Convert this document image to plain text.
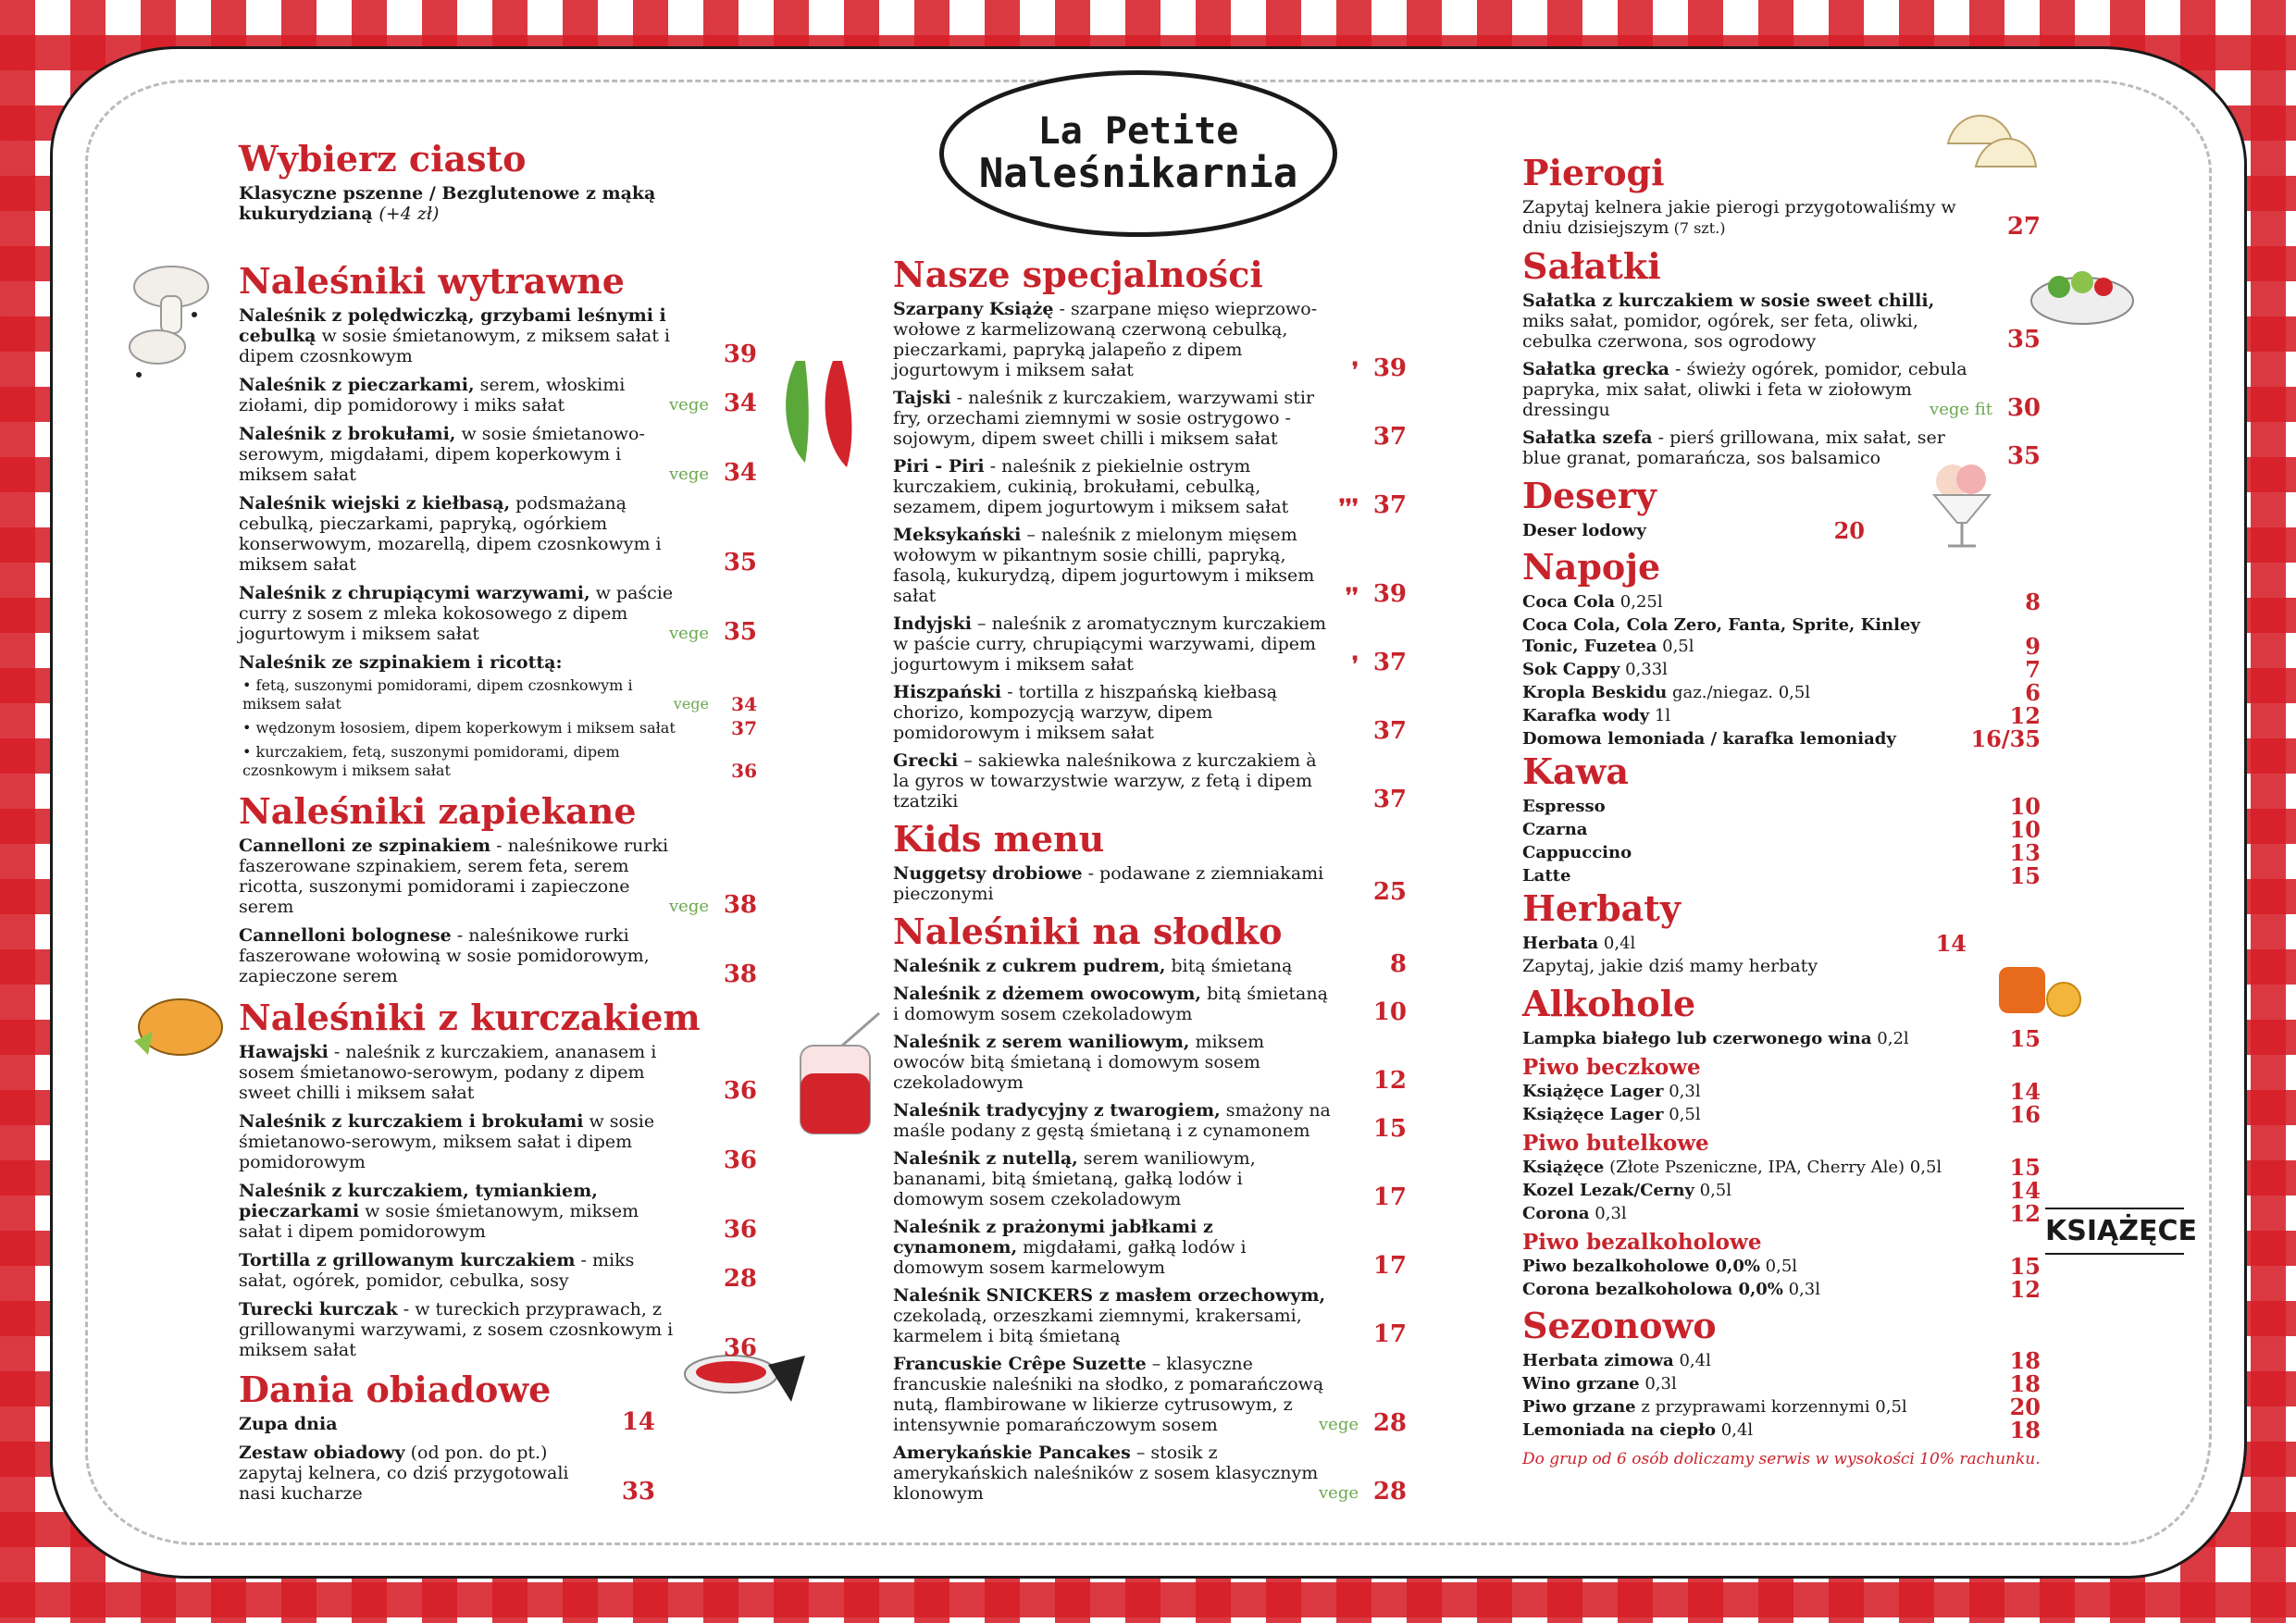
La Petite
Naleśnikarnia
KSIĄŻĘCE
Wybierz ciasto
Klasyczne pszenne / Bezglutenowe z mąką kukurydzianą (+4 zł)
Naleśniki wytrawne
Naleśnik z polędwiczką, grzybami leśnymi i cebulką w sosie śmietanowym, z miksem sałat i dipem czosnkowym	39
Naleśnik z pieczarkami, serem, włoskimi ziołami, dip pomidorowy i miks sałat	vege 34
Naleśnik z brokułami, w sosie śmietanowo-serowym, migdałami, dipem koperkowym i miksem sałat	vege 34
Naleśnik wiejski z kiełbasą, podsmażaną cebulką, pieczarkami, papryką, ogórkiem konserwowym, mozarellą, dipem czosnkowym i miksem sałat	35
Naleśnik z chrupiącymi warzywami, w paście curry z sosem z mleka kokosowego z dipem jogurtowym i miksem sałat	vege 35
Naleśnik ze szpinakiem i ricottą:
• fetą, suszonymi pomidorami, dipem czosnkowym i miksem sałat	vege 34
• wędzonym łososiem, dipem koperkowym i miksem sałat	37
• kurczakiem, fetą, suszonymi pomidorami, dipem czosnkowym i miksem sałat	36
Naleśniki zapiekane
Cannelloni ze szpinakiem - naleśnikowe rurki faszerowane szpinakiem, serem feta, serem ricotta, suszonymi pomidorami i zapieczone serem	vege 38
Cannelloni bolognese - naleśnikowe rurki faszerowane wołowiną w sosie pomidorowym, zapieczone serem	38
Naleśniki z kurczakiem
Hawajski - naleśnik z kurczakiem, ananasem i sosem śmietanowo-serowym, podany z dipem sweet chilli i miksem sałat	36
Naleśnik z kurczakiem i brokułami w sosie śmietanowo-serowym, miksem sałat i dipem pomidorowym	36
Naleśnik z kurczakiem, tymiankiem, pieczarkami w sosie śmietanowym, miksem sałat i dipem pomidorowym	36
Tortilla z grillowanym kurczakiem - miks sałat, ogórek, pomidor, cebulka, sosy	28
Turecki kurczak - w tureckich przyprawach, z grillowanymi warzywami, z sosem czosnkowym i miksem sałat	36
Dania obiadowe
Zupa dnia	14
Zestaw obiadowy (od pon. do pt.) zapytaj kelnera, co dziś przygotowali nasi kucharze	33
Nasze specjalności
Szarpany Książę - szarpane mięso wieprzowo-wołowe z karmelizowaną czerwoną cebulką, pieczarkami, papryką jalapeño z dipem jogurtowym i miksem sałat	❜ 39
Tajski - naleśnik z kurczakiem, warzywami stir fry, orzechami ziemnymi w sosie ostrygowo - sojowym, dipem sweet chilli i miksem sałat	37
Piri - Piri - naleśnik z piekielnie ostrym kurczakiem, cukinią, brokułami, cebulką, sezamem, dipem jogurtowym i miksem sałat ❜❜❜ 37
Meksykański – naleśnik z mielonym mięsem wołowym w pikantnym sosie chilli, papryką, fasolą, kukurydzą, dipem jogurtowym i miksem sałat	❜❜ 39
Indyjski – naleśnik z aromatycznym kurczakiem w paście curry, chrupiącymi warzywami, dipem jogurtowym i miksem sałat	❜ 37
Hiszpański - tortilla z hiszpańską kiełbasą chorizo, kompozycją warzyw, dipem pomidorowym i miksem sałat	37
Grecki – sakiewka naleśnikowa z kurczakiem à la gyros w towarzystwie warzyw, z fetą i dipem tzatziki	37
Kids menu
Nuggetsy drobiowe - podawane z ziemniakami pieczonymi	25
Naleśniki na słodko
Naleśnik z cukrem pudrem, bitą śmietaną	8
Naleśnik z dżemem owocowym, bitą śmietaną i domowym sosem czekoladowym	10
Naleśnik z serem waniliowym, miksem owoców bitą śmietaną i domowym sosem czekoladowym	12
Naleśnik tradycyjny z twarogiem, smażony na maśle podany z gęstą śmietaną i z cynamonem	15
Naleśnik z nutellą, serem waniliowym, bananami, bitą śmietaną, gałką lodów i domowym sosem czekoladowym	17
Naleśnik z prażonymi jabłkami z cynamonem, migdałami, gałką lodów i domowym sosem karmelowym	17
Naleśnik SNICKERS z masłem orzechowym, czekoladą, orzeszkami ziemnymi, krakersami, karmelem i bitą śmietaną	17
Francuskie Crêpe Suzette – klasyczne francuskie naleśniki na słodko, z pomarańczową nutą, flambirowane w likierze cytrusowym, z intensywnie pomarańczowym sosem	vege 28
Amerykańskie Pancakes – stosik z amerykańskich naleśników z sosem klasycznym klonowym	vege 28
Pierogi
Zapytaj kelnera jakie pierogi przygotowaliśmy w dniu dzisiejszym (7 szt.)	27
Sałatki
Sałatka z kurczakiem w sosie sweet chilli, miks sałat, pomidor, ogórek, ser feta, oliwki, cebulka czerwona, sos ogrodowy	35
Sałatka grecka - świeży ogórek, pomidor, cebula papryka, mix sałat, oliwki i feta w ziołowym dressingu	vege fit 30
Sałatka szefa - pierś grillowana, mix sałat, ser blue granat, pomarańcza, sos balsamico	35
Desery
Deser lodowy	20
Napoje
Coca Cola 0,25l	8
Coca Cola, Cola Zero, Fanta, Sprite, Kinley Tonic, Fuzetea 0,5l	9
Sok Cappy 0,33l	7
Kropla Beskidu gaz./niegaz. 0,5l	6
Karafka wody 1l	12
Domowa lemoniada / karafka lemoniady	16/35
Kawa
Espresso	10
Czarna	10
Cappuccino	13
Latte	15
Herbaty
Herbata 0,4l	14
Zapytaj, jakie dziś mamy herbaty
Alkohole
Lampka białego lub czerwonego wina 0,2l	15
Piwo beczkowe
Książęce Lager 0,3l	14
Książęce Lager 0,5l	16
Piwo butelkowe
Książęce (Złote Pszeniczne, IPA, Cherry Ale) 0,5l	15
Kozel Lezak/Cerny 0,5l	14
Corona 0,3l	12
Piwo bezalkoholowe
Piwo bezalkoholowe 0,0% 0,5l	15
Corona bezalkoholowa 0,0% 0,3l	12
Sezonowo
Herbata zimowa 0,4l	18
Wino grzane 0,3l	18
Piwo grzane z przyprawami korzennymi 0,5l	20
Lemoniada na ciepło 0,4l	18
Do grup od 6 osób doliczamy serwis w wysokości 10% rachunku.
